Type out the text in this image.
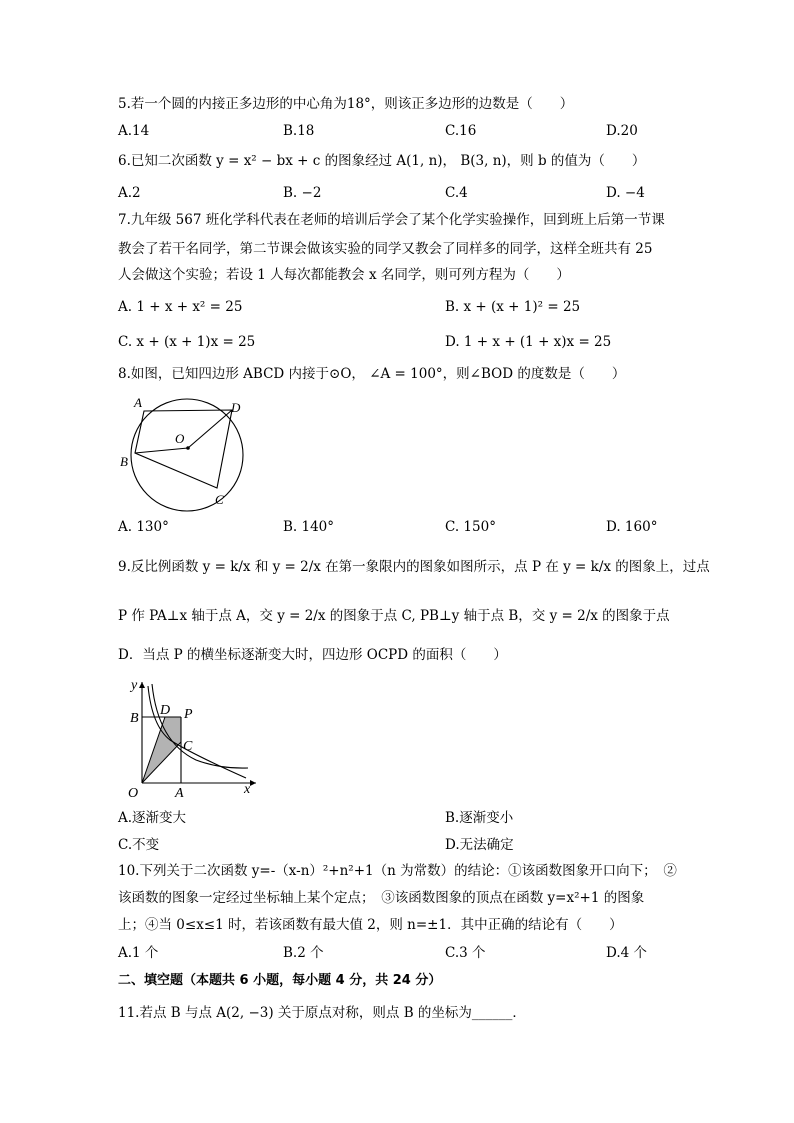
5.若一个圆的内接正多边形的中心角为18°，则该正多边形的边数是（　　）
A.14	B.18	C.16	D.20
6.已知二次函数 y = x² − bx + c 的图象经过 A(1, n)， B(3, n)，则 b 的值为（　　）
A.2	B. −2	C.4	D. −4
7.九年级 567 班化学科代表在老师的培训后学会了某个化学实验操作，回到班上后第一节课
教会了若干名同学，第二节课会做该实验的同学又教会了同样多的同学，这样全班共有 25
人会做这个实验；若设 1 人每次都能教会 x 名同学，则可列方程为（　　）
A. 1 + x + x² = 25	B. x + (x + 1)² = 25
C. x + (x + 1)x = 25	D. 1 + x + (1 + x)x = 25
8.如图，已知四边形 ABCD 内接于⊙O， ∠A = 100°，则∠BOD 的度数是（　　）
A	D
O
B
C
A. 130°	B. 140°	C. 150°	D. 160°
9.反比例函数 y = k/x 和 y = 2/x 在第一象限内的图象如图所示，点 P 在 y = k/x 的图象上，过点
P 作 PA⊥x 轴于点 A，交 y = 2/x 的图象于点 C, PB⊥y 轴于点 B，交 y = 2/x 的图象于点
D．当点 P 的横坐标逐渐变大时，四边形 OCPD 的面积（　　）
y
B
D P
C
O	A	x
A.逐渐变大	B.逐渐变小
C.不变	D.无法确定
10.下列关于二次函数 y=-（x-n）²+n²+1（n 为常数）的结论：①该函数图象开口向下；　②
该函数的图象一定经过坐标轴上某个定点；　③该函数图象的顶点在函数 y=x²+1 的图象
上；④当 0≤x≤1 时，若该函数有最大值 2，则 n=±1．其中正确的结论有（　　）
A.1 个	B.2 个	C.3 个	D.4 个
二、填空题（本题共 6 小题，每小题 4 分，共 24 分）
11.若点 B 与点 A(2, −3) 关于原点对称，则点 B 的坐标为______．
